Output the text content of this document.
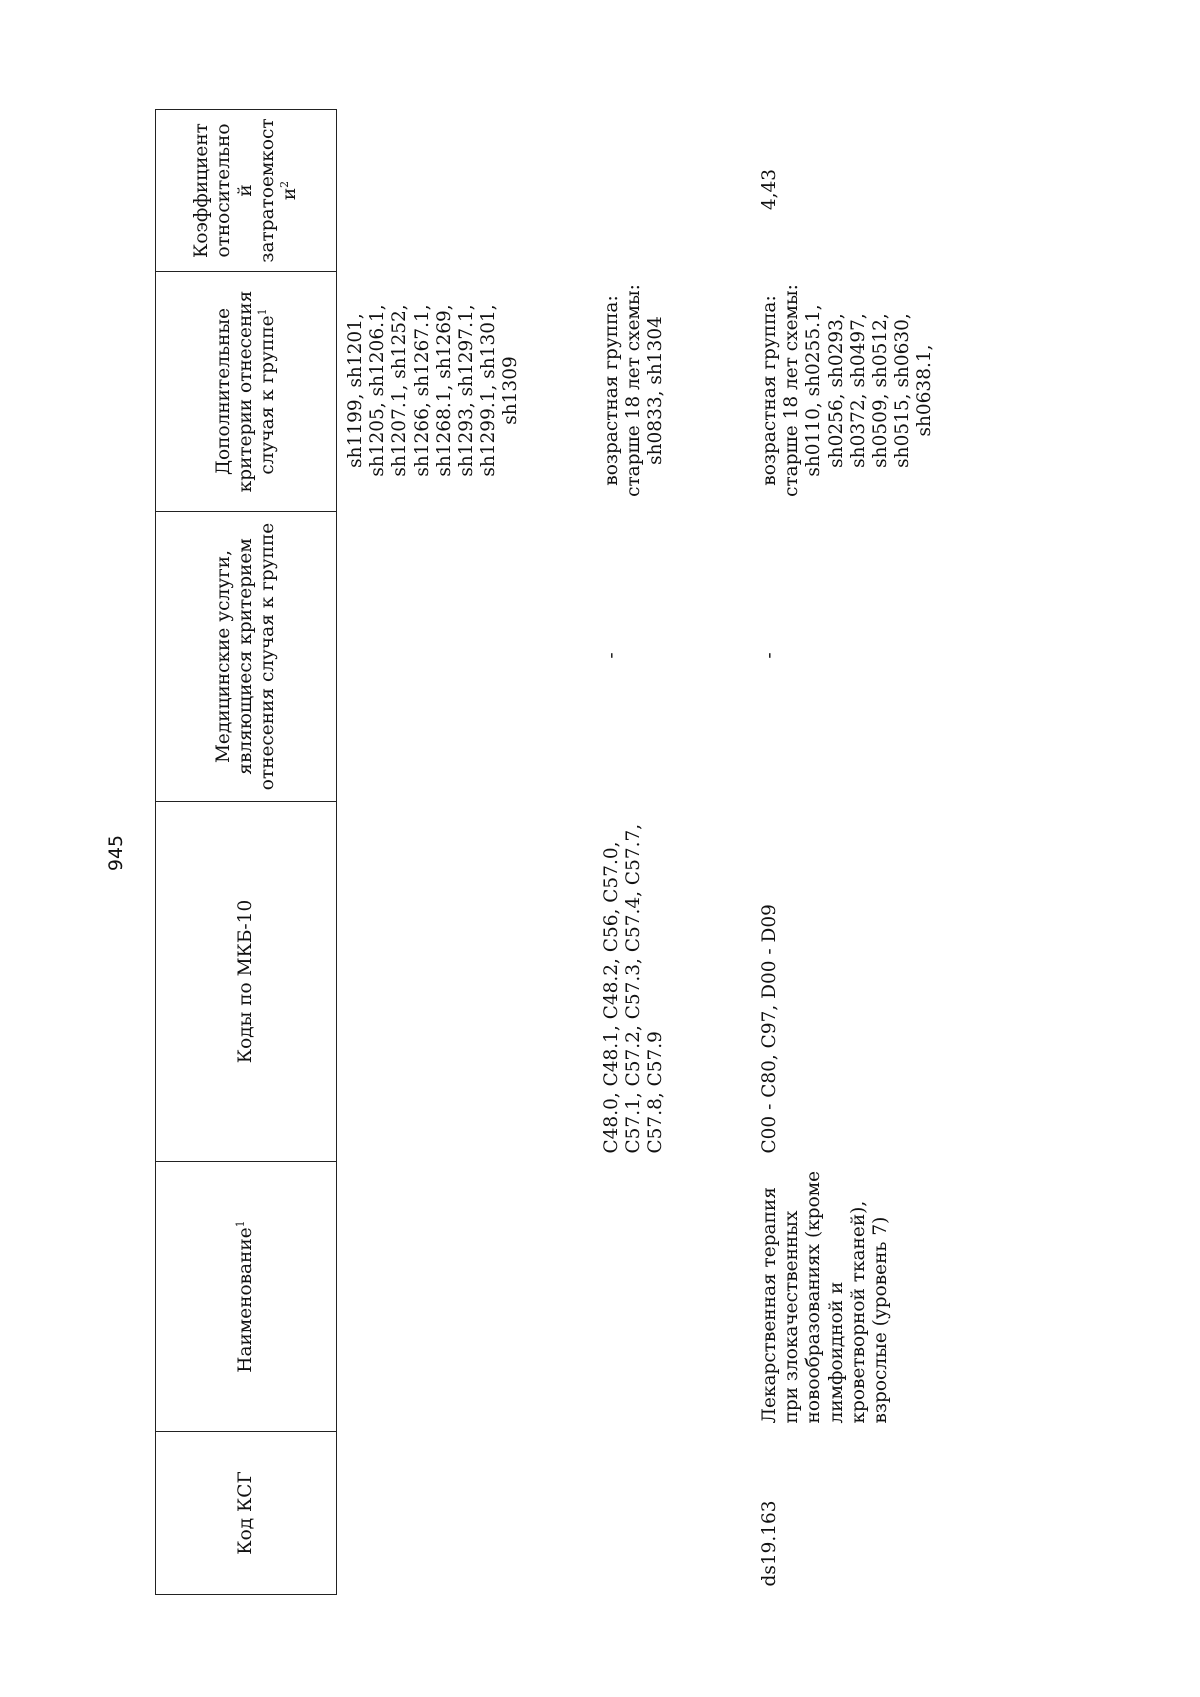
945
Код КСГ	Наименование$^1$	Коды по МКБ-10	Медицинские услуги, являющиеся критерием отнесения случая к группе	Дополнительные критерии отнесения случая к группе$^1$	Коэффициент относительно й затратоемкост $и^2$
				sh1199, sh1201, sh1205, sh1206.1, sh1207.1, sh1252, sh1266, sh1267.1, sh1268.1, sh1269, sh1293, sh1297.1, sh1299.1, sh1301, sh1309	
		C48.0, C48.1, C48.2, C56, C57.0, C57.1, C57.2, C57.3, C57.4, C57.7, C57.8, C57.9	-	возрастная группа: старше 18 лет схемы: sh0833, sh1304	
ds19.163	Лекарственная терапия при злокачественных новообразованиях (кроме лимфоидной и кроветворной тканей), взрослые (уровень 7)	C00 - C80, C97, D00 - D09	-	возрастная группа: старше 18 лет схемы: sh0110, sh0255.1, sh0256, sh0293, sh0372, sh0497, sh0509, sh0512, sh0515, sh0630, sh0638.1,	4,43
